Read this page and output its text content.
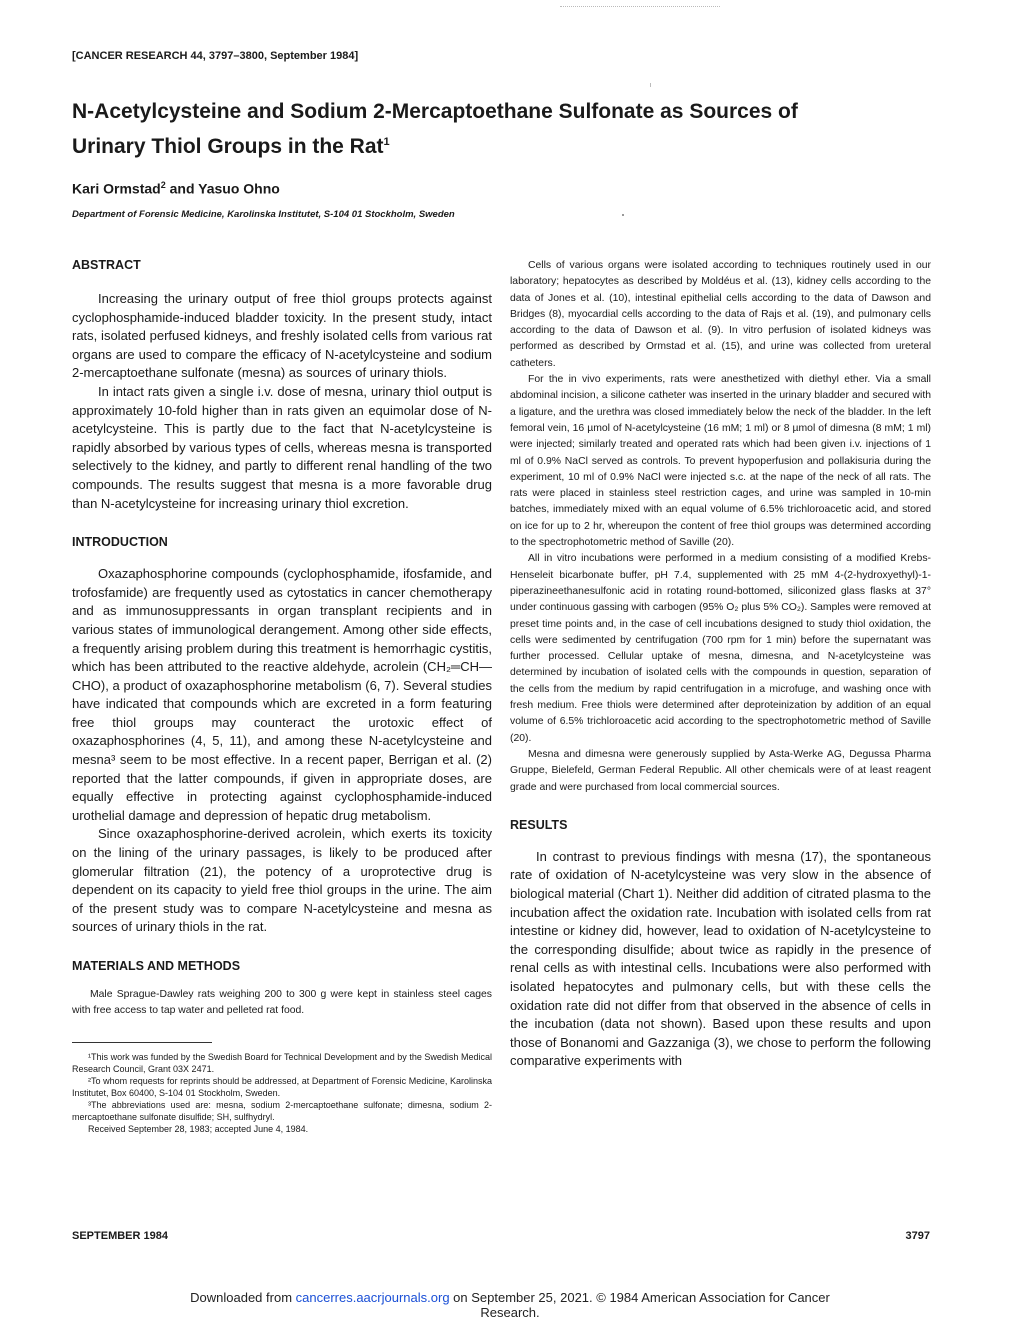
[CANCER RESEARCH 44, 3797–3800, September 1984]
N-Acetylcysteine and Sodium 2-Mercaptoethane Sulfonate as Sources of
Urinary Thiol Groups in the Rat$^1$
Kari Ormstad$^2$ and Yasuo Ohno
Department of Forensic Medicine, Karolinska Institutet, S-104 01 Stockholm, Sweden
ABSTRACT

Increasing the urinary output of free thiol groups protects against cyclophosphamide-induced bladder toxicity. In the present study, intact rats, isolated perfused kidneys, and freshly isolated cells from various rat organs are used to compare the efficacy of N-acetylcysteine and sodium 2-mercaptoethane sulfonate (mesna) as sources of urinary thiols.

In intact rats given a single i.v. dose of mesna, urinary thiol output is approximately 10-fold higher than in rats given an equimolar dose of N-acetylcysteine. This is partly due to the fact that N-acetylcysteine is rapidly absorbed by various types of cells, whereas mesna is transported selectively to the kidney, and partly to different renal handling of the two compounds. The results suggest that mesna is a more favorable drug than N-acetylcysteine for increasing urinary thiol excretion.

INTRODUCTION

Oxazaphosphorine compounds (cyclophosphamide, ifosfamide, and trofosfamide) are frequently used as cytostatics in cancer chemotherapy and as immunosuppressants in organ transplant recipients and in various states of immunological derangement. Among other side effects, a frequently arising problem during this treatment is hemorrhagic cystitis, which has been attributed to the reactive aldehyde, acrolein (CH₂═CH—CHO), a product of oxazaphosphorine metabolism (6, 7). Several studies have indicated that compounds which are excreted in a form featuring free thiol groups may counteract the urotoxic effect of oxazaphosphorines (4, 5, 11), and among these N-acetylcysteine and mesna³ seem to be most effective. In a recent paper, Berrigan et al. (2) reported that the latter compounds, if given in appropriate doses, are equally effective in protecting against cyclophosphamide-induced urothelial damage and depression of hepatic drug metabolism.

Since oxazaphosphorine-derived acrolein, which exerts its toxicity on the lining of the urinary passages, is likely to be produced after glomerular filtration (21), the potency of a uroprotective drug is dependent on its capacity to yield free thiol groups in the urine. The aim of the present study was to compare N-acetylcysteine and mesna as sources of urinary thiols in the rat.

MATERIALS AND METHODS

Male Sprague-Dawley rats weighing 200 to 300 g were kept in stainless steel cages with free access to tap water and pelleted rat food.

¹This work was funded by the Swedish Board for Technical Development and by the Swedish Medical Research Council, Grant 03X 2471.

²To whom requests for reprints should be addressed, at Department of Forensic Medicine, Karolinska Institutet, Box 60400, S-104 01 Stockholm, Sweden.

³The abbreviations used are: mesna, sodium 2-mercaptoethane sulfonate; dimesna, sodium 2-mercaptoethane sulfonate disulfide; SH, sulfhydryl.

Received September 28, 1983; accepted June 4, 1984.

Cells of various organs were isolated according to techniques routinely used in our laboratory; hepatocytes as described by Moldéus et al. (13), kidney cells according to the data of Jones et al. (10), intestinal epithelial cells according to the data of Dawson and Bridges (8), myocardial cells according to the data of Rajs et al. (19), and pulmonary cells according to the data of Dawson et al. (9). In vitro perfusion of isolated kidneys was performed as described by Ormstad et al. (15), and urine was collected from ureteral catheters.

For the in vivo experiments, rats were anesthetized with diethyl ether. Via a small abdominal incision, a silicone catheter was inserted in the urinary bladder and secured with a ligature, and the urethra was closed immediately below the neck of the bladder. In the left femoral vein, 16 µmol of N-acetylcysteine (16 mM; 1 ml) or 8 µmol of dimesna (8 mM; 1 ml) were injected; similarly treated and operated rats which had been given i.v. injections of 1 ml of 0.9% NaCl served as controls. To prevent hypoperfusion and pollakisuria during the experiment, 10 ml of 0.9% NaCl were injected s.c. at the nape of the neck of all rats. The rats were placed in stainless steel restriction cages, and urine was sampled in 10-min batches, immediately mixed with an equal volume of 6.5% trichloroacetic acid, and stored on ice for up to 2 hr, whereupon the content of free thiol groups was determined according to the spectrophotometric method of Saville (20).

All in vitro incubations were performed in a medium consisting of a modified Krebs-Henseleit bicarbonate buffer, pH 7.4, supplemented with 25 mM 4-(2-hydroxyethyl)-1-piperazineethanesulfonic acid in rotating round-bottomed, siliconized glass flasks at 37° under continuous gassing with carbogen (95% O₂ plus 5% CO₂). Samples were removed at preset time points and, in the case of cell incubations designed to study thiol oxidation, the cells were sedimented by centrifugation (700 rpm for 1 min) before the supernatant was further processed. Cellular uptake of mesna, dimesna, and N-acetylcysteine was determined by incubation of isolated cells with the compounds in question, separation of the cells from the medium by rapid centrifugation in a microfuge, and washing once with fresh medium. Free thiols were determined after deproteinization by addition of an equal volume of 6.5% trichloroacetic acid according to the spectrophotometric method of Saville (20).

Mesna and dimesna were generously supplied by Asta-Werke AG, Degussa Pharma Gruppe, Bielefeld, German Federal Republic. All other chemicals were of at least reagent grade and were purchased from local commercial sources.

RESULTS

In contrast to previous findings with mesna (17), the spontaneous rate of oxidation of N-acetylcysteine was very slow in the absence of biological material (Chart 1). Neither did addition of citrated plasma to the incubation affect the oxidation rate. Incubation with isolated cells from rat intestine or kidney did, however, lead to oxidation of N-acetylcysteine to the corresponding disulfide; about twice as rapidly in the presence of renal cells as with intestinal cells. Incubations were also performed with isolated hepatocytes and pulmonary cells, but with these cells the oxidation rate did not differ from that observed in the absence of cells in the incubation (data not shown). Based upon these results and upon those of Bonanomi and Gazzaniga (3), we chose to perform the following comparative experiments with

SEPTEMBER 1984	3797
Downloaded from cancerres.aacrjournals.org on September 25, 2021. © 1984 American Association for Cancer
Research.
